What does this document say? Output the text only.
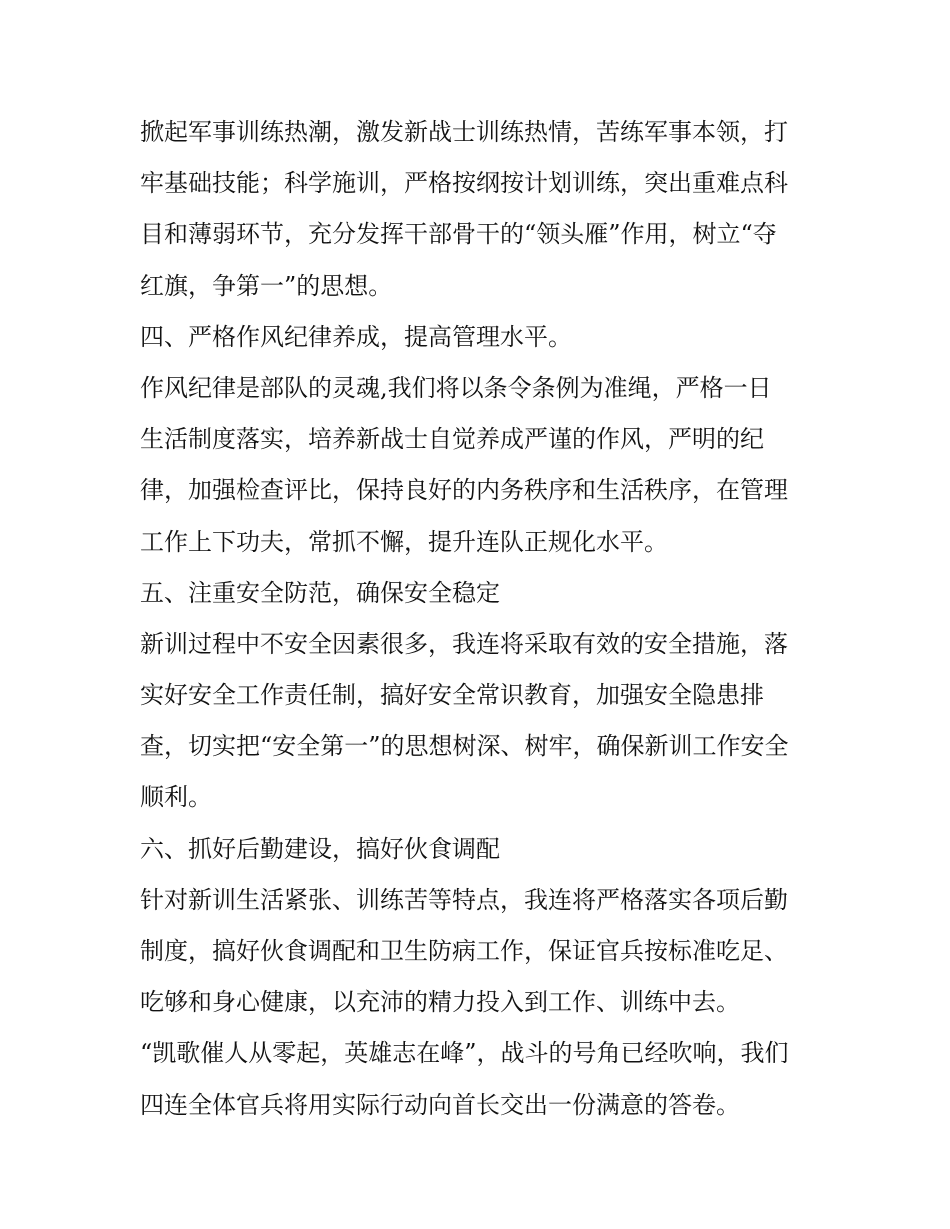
掀起军事训练热潮，激发新战士训练热情，苦练军事本领，打
牢基础技能；科学施训，严格按纲按计划训练，突出重难点科
目和薄弱环节，充分发挥干部骨干的“领头雁”作用，树立“夺
红旗，争第一”的思想。
四、严格作风纪律养成，提高管理水平。
作风纪律是部队的灵魂,我们将以条令条例为准绳，严格一日
生活制度落实，培养新战士自觉养成严谨的作风，严明的纪
律，加强检查评比，保持良好的内务秩序和生活秩序，在管理
工作上下功夫，常抓不懈，提升连队正规化水平。
五、注重安全防范，确保安全稳定
新训过程中不安全因素很多，我连将采取有效的安全措施，落
实好安全工作责任制，搞好安全常识教育，加强安全隐患排
查，切实把“安全第一”的思想树深、树牢，确保新训工作安全
顺利。
六、抓好后勤建设，搞好伙食调配
针对新训生活紧张、训练苦等特点，我连将严格落实各项后勤
制度，搞好伙食调配和卫生防病工作，保证官兵按标准吃足、
吃够和身心健康，以充沛的精力投入到工作、训练中去。
“凯歌催人从零起，英雄志在峰”，战斗的号角已经吹响，我们
四连全体官兵将用实际行动向首长交出一份满意的答卷。
